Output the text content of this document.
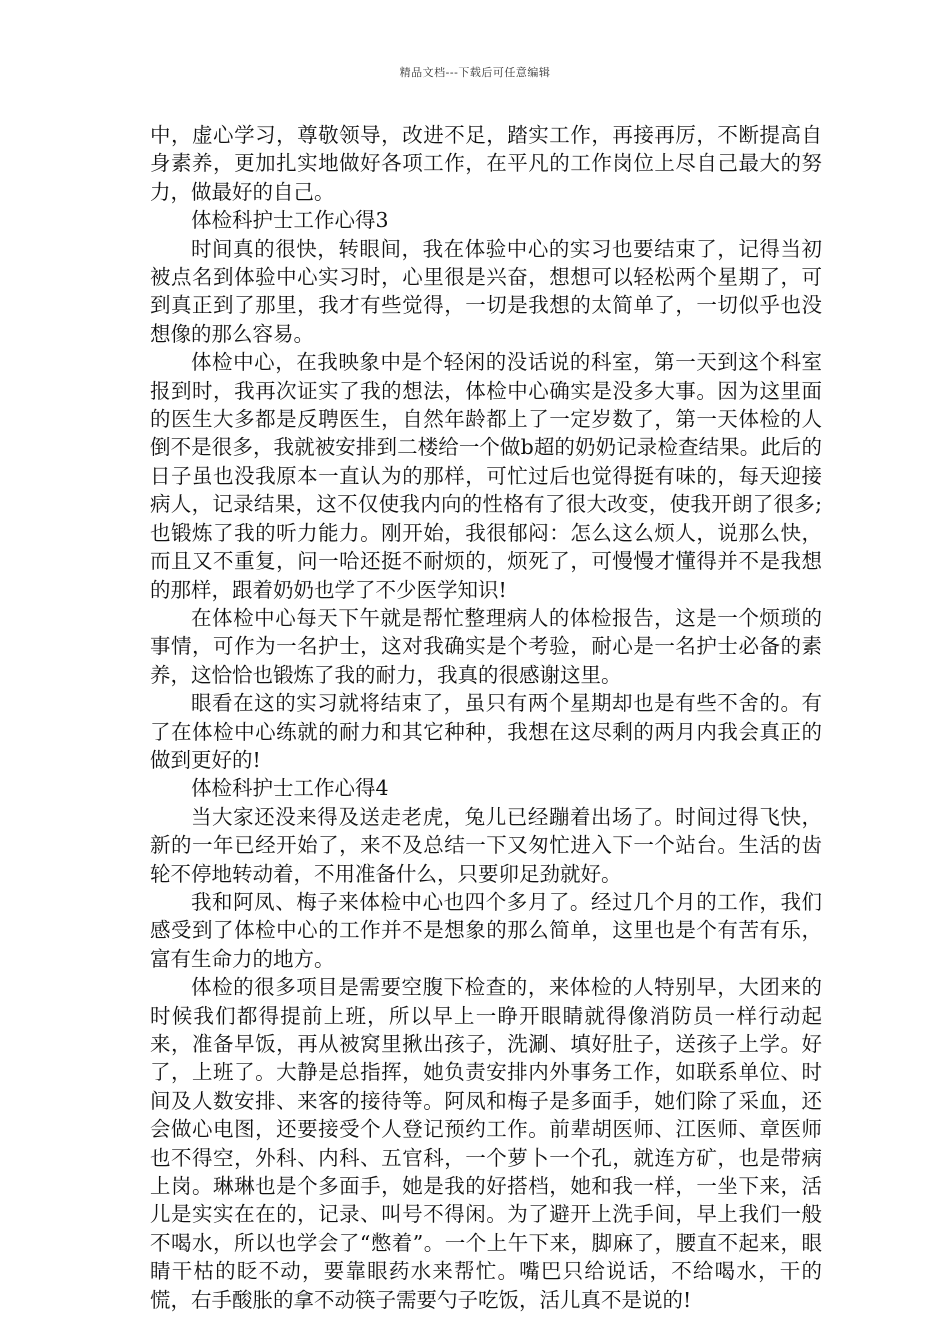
精品文档---下载后可任意编辑

中，虚心学习，尊敬领导，改进不足，踏实工作，再接再厉，不断提高自身素养，更加扎实地做好各项工作，在平凡的工作岗位上尽自己最大的努力，做最好的自己。

体检科护士工作心得3

时间真的很快，转眼间，我在体验中心的实习也要结束了，记得当初被点名到体验中心实习时，心里很是兴奋，想想可以轻松两个星期了，可到真正到了那里，我才有些觉得，一切是我想的太简单了，一切似乎也没想像的那么容易。

体检中心，在我映象中是个轻闲的没话说的科室，第一天到这个科室报到时，我再次证实了我的想法，体检中心确实是没多大事。因为这里面的医生大多都是反聘医生，自然年龄都上了一定岁数了，第一天体检的人倒不是很多，我就被安排到二楼给一个做b超的奶奶记录检查结果。此后的日子虽也没我原本一直认为的那样，可忙过后也觉得挺有味的，每天迎接病人，记录结果，这不仅使我内向的性格有了很大改变，使我开朗了很多;也锻炼了我的听力能力。刚开始，我很郁闷：怎么这么烦人，说那么快，而且又不重复，问一哈还挺不耐烦的，烦死了，可慢慢才懂得并不是我想的那样，跟着奶奶也学了不少医学知识!

在体检中心每天下午就是帮忙整理病人的体检报告，这是一个烦琐的事情，可作为一名护士，这对我确实是个考验，耐心是一名护士必备的素养，这恰恰也锻炼了我的耐力，我真的很感谢这里。

眼看在这的实习就将结束了，虽只有两个星期却也是有些不舍的。有了在体检中心练就的耐力和其它种种，我想在这尽剩的两月内我会真正的做到更好的!

体检科护士工作心得4

当大家还没来得及送走老虎，兔儿已经蹦着出场了。时间过得飞快，新的一年已经开始了，来不及总结一下又匆忙进入下一个站台。生活的齿轮不停地转动着，不用准备什么，只要卯足劲就好。

我和阿凤、梅子来体检中心也四个多月了。经过几个月的工作，我们感受到了体检中心的工作并不是想象的那么简单，这里也是个有苦有乐，富有生命力的地方。

体检的很多项目是需要空腹下检查的，来体检的人特别早，大团来的时候我们都得提前上班，所以早上一睁开眼睛就得像消防员一样行动起来，准备早饭，再从被窝里揪出孩子，洗涮、填好肚子，送孩子上学。好了，上班了。大静是总指挥，她负责安排内外事务工作，如联系单位、时间及人数安排、来客的接待等。阿凤和梅子是多面手，她们除了采血，还会做心电图，还要接受个人登记预约工作。前辈胡医师、江医师、章医师也不得空，外科、内科、五官科，一个萝卜一个孔，就连方矿，也是带病上岗。琳琳也是个多面手，她是我的好搭档，她和我一样，一坐下来，活儿是实实在在的，记录、叫号不得闲。为了避开上洗手间，早上我们一般不喝水，所以也学会了“憋着”。一个上午下来，脚麻了，腰直不起来，眼睛干枯的眨不动，要靠眼药水来帮忙。嘴巴只给说话，不给喝水，干的慌，右手酸胀的拿不动筷子需要勺子吃饭，活儿真不是说的!
